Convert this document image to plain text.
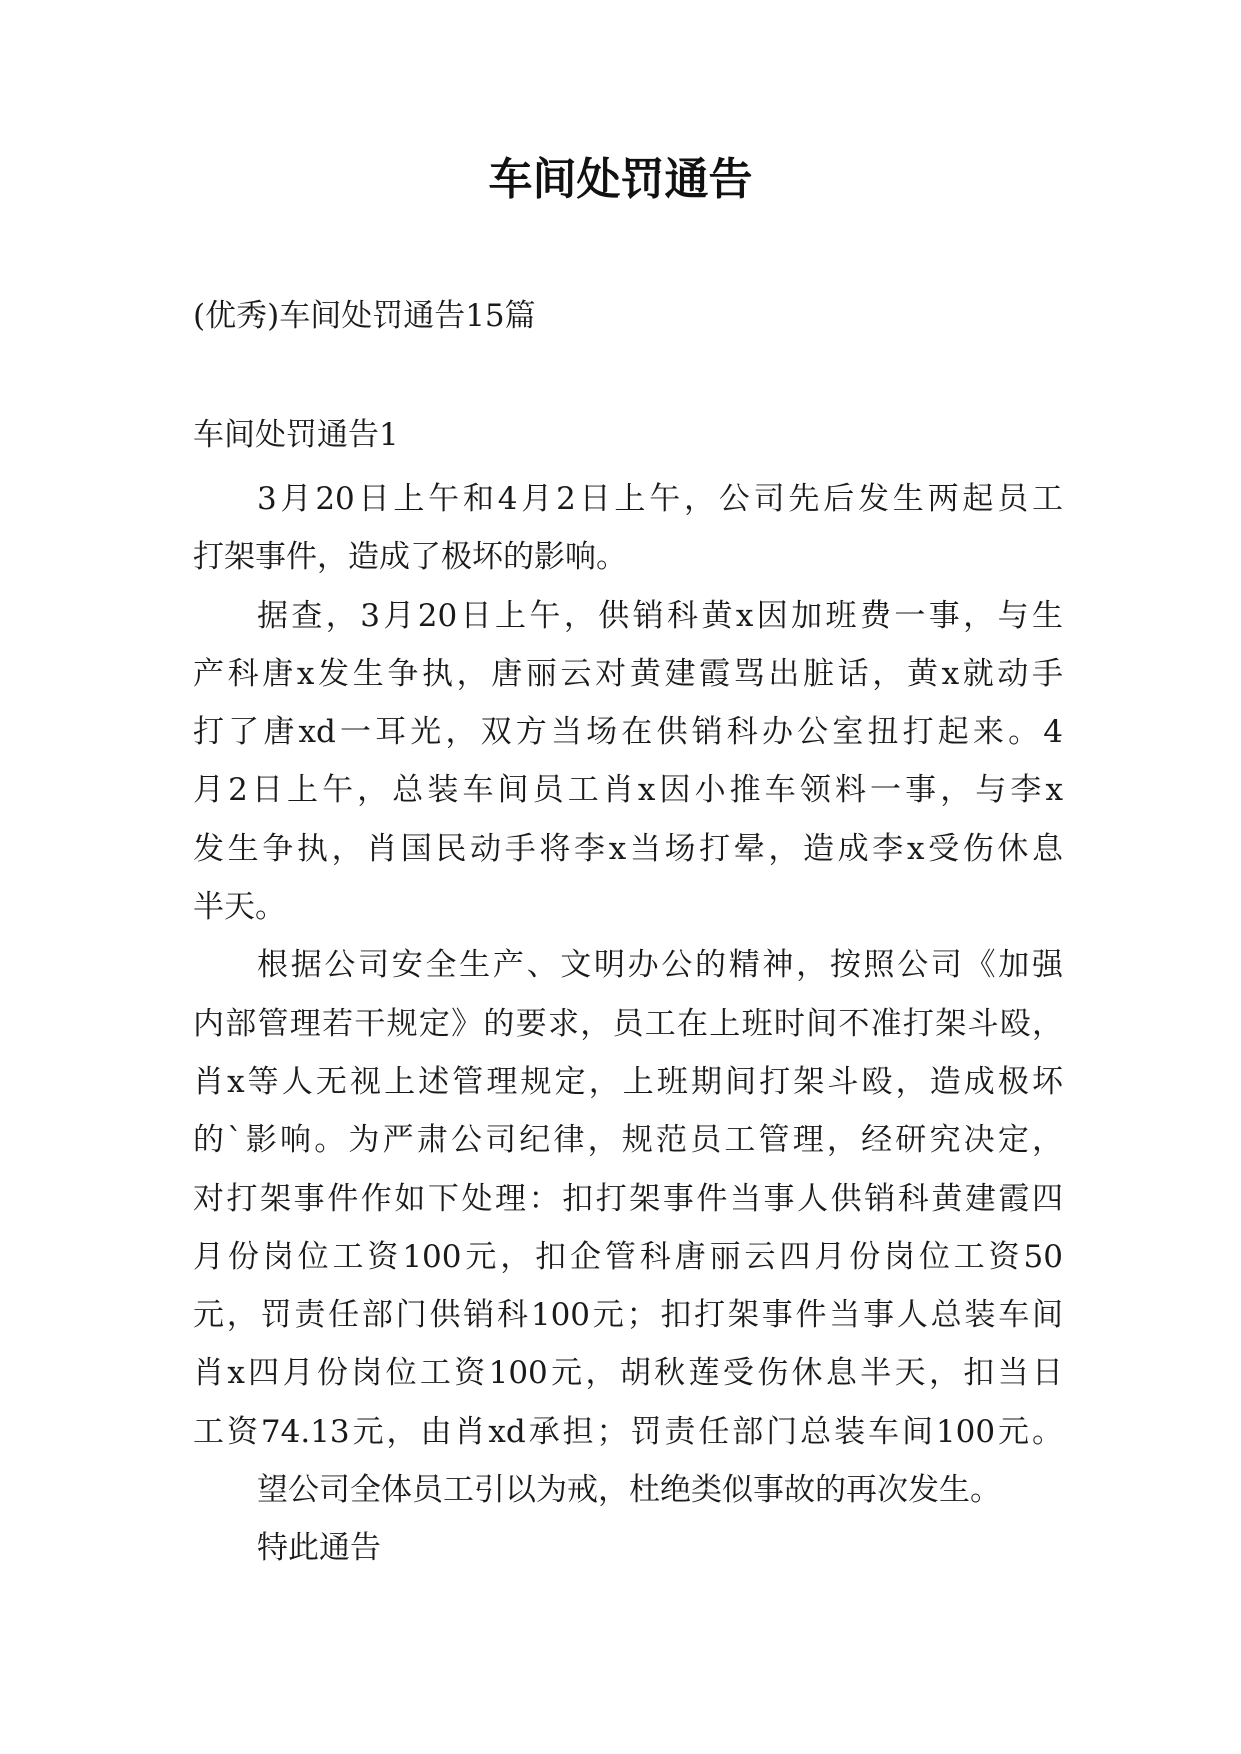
车间处罚通告

(优秀)车间处罚通告15篇

车间处罚通告1

3月20日上午和4月2日上午，公司先后发生两起员工
打架事件，造成了极坏的影响。

据查，3月20日上午，供销科黄x因加班费一事，与生
产科唐x发生争执，唐丽云对黄建霞骂出脏话，黄x就动手
打了唐xd一耳光，双方当场在供销科办公室扭打起来。4
月2日上午，总装车间员工肖x因小推车领料一事，与李x
发生争执，肖国民动手将李x当场打晕，造成李x受伤休息
半天。

根据公司安全生产、文明办公的精神，按照公司《加强
内部管理若干规定》的要求，员工在上班时间不准打架斗殴，
肖x等人无视上述管理规定，上班期间打架斗殴，造成极坏
的`影响。为严肃公司纪律，规范员工管理，经研究决定，
对打架事件作如下处理：扣打架事件当事人供销科黄建霞四
月份岗位工资100元，扣企管科唐丽云四月份岗位工资50
元，罚责任部门供销科100元；扣打架事件当事人总装车间
肖x四月份岗位工资100元，胡秋莲受伤休息半天，扣当日
工资74.13元，由肖xd承担；罚责任部门总装车间100元。

望公司全体员工引以为戒，杜绝类似事故的再次发生。

特此通告
